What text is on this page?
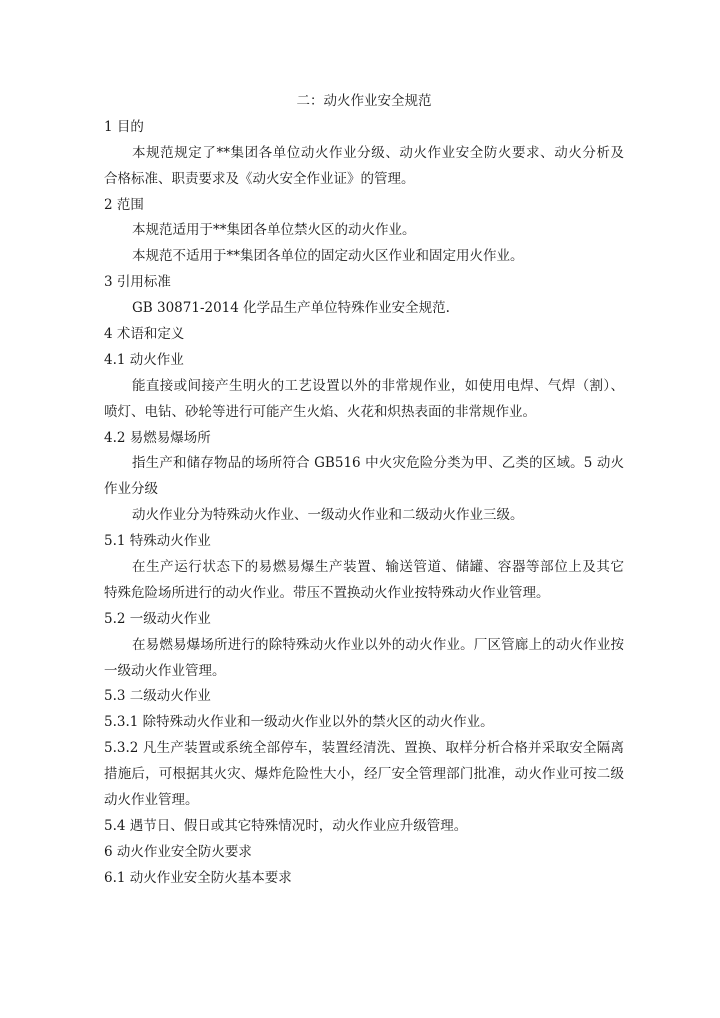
二：动火作业安全规范
1 目的
本规范规定了**集团各单位动火作业分级、动火作业安全防火要求、动火分析及
合格标准、职责要求及《动火安全作业证》的管理。
2 范围
本规范适用于**集团各单位禁火区的动火作业。
本规范不适用于**集团各单位的固定动火区作业和固定用火作业。
3 引用标准
GB 30871-2014 化学品生产单位特殊作业安全规范.
4 术语和定义
4.1 动火作业
能直接或间接产生明火的工艺设置以外的非常规作业，如使用电焊、气焊（割）、
喷灯、电钻、砂轮等进行可能产生火焰、火花和炽热表面的非常规作业。
4.2 易燃易爆场所
指生产和储存物品的场所符合 GB516 中火灾危险分类为甲、乙类的区域。5 动火
作业分级
动火作业分为特殊动火作业、一级动火作业和二级动火作业三级。
5.1 特殊动火作业
在生产运行状态下的易燃易爆生产装置、输送管道、储罐、容器等部位上及其它
特殊危险场所进行的动火作业。带压不置换动火作业按特殊动火作业管理。
5.2 一级动火作业
在易燃易爆场所进行的除特殊动火作业以外的动火作业。厂区管廊上的动火作业按
一级动火作业管理。
5.3 二级动火作业
5.3.1 除特殊动火作业和一级动火作业以外的禁火区的动火作业。
5.3.2 凡生产装置或系统全部停车，装置经清洗、置换、取样分析合格并采取安全隔离
措施后，可根据其火灾、爆炸危险性大小，经厂安全管理部门批准，动火作业可按二级
动火作业管理。
5.4 遇节日、假日或其它特殊情况时，动火作业应升级管理。
6 动火作业安全防火要求
6.1 动火作业安全防火基本要求
